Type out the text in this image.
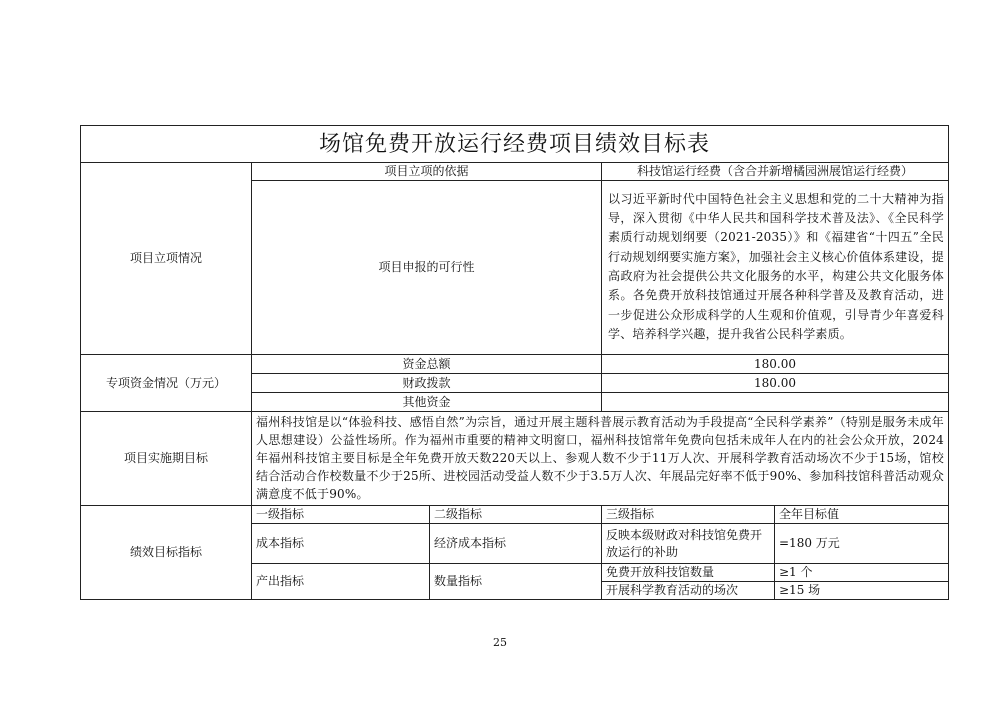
场馆免费开放运行经费项目绩效目标表				
项目立项情况	项目立项的依据		科技馆运行经费（含合并新增橘园洲展馆运行经费）	
	项目申报的可行性		以习近平新时代中国特色社会主义思想和党的二十大精神为指导，深入贯彻《中华人民共和国科学技术普及法》、《全民科学素质行动规划纲要（2021-2035）》和《福建省“十四五”全民行动规划纲要实施方案》，加强社会主义核心价值体系建设，提高政府为社会提供公共文化服务的水平，构建公共文化服务体系。各免费开放科技馆通过开展各种科学普及及教育活动，进一步促进公众形成科学的人生观和价值观，引导青少年喜爱科学、培养科学兴趣，提升我省公民科学素质。	
专项资金情况（万元）	资金总额		180.00	
	财政拨款		180.00	
	其他资金			
项目实施期目标	福州科技馆是以“体验科技、感悟自然”为宗旨，通过开展主题科普展示教育活动为手段提高“全民科学素养”（特别是服务未成年人思想建设）公益性场所。作为福州市重要的精神文明窗口，福州科技馆常年免费向包括未成年人在内的社会公众开放，2024年福州科技馆主要目标是全年免费开放天数220天以上、参观人数不少于11万人次、开展科学教育活动场次不少于15场，馆校结合活动合作校数量不少于25所、进校园活动受益人数不少于3.5万人次、年展品完好率不低于90%、参加科技馆科普活动观众满意度不低于90%。			
绩效目标指标	一级指标	二级指标	三级指标	全年目标值
	成本指标	经济成本指标	反映本级财政对科技馆免费开放运行的补助	=180 万元
	产出指标	数量指标	免费开放科技馆数量	≥1 个
			开展科学教育活动的场次	≥15 场
25
